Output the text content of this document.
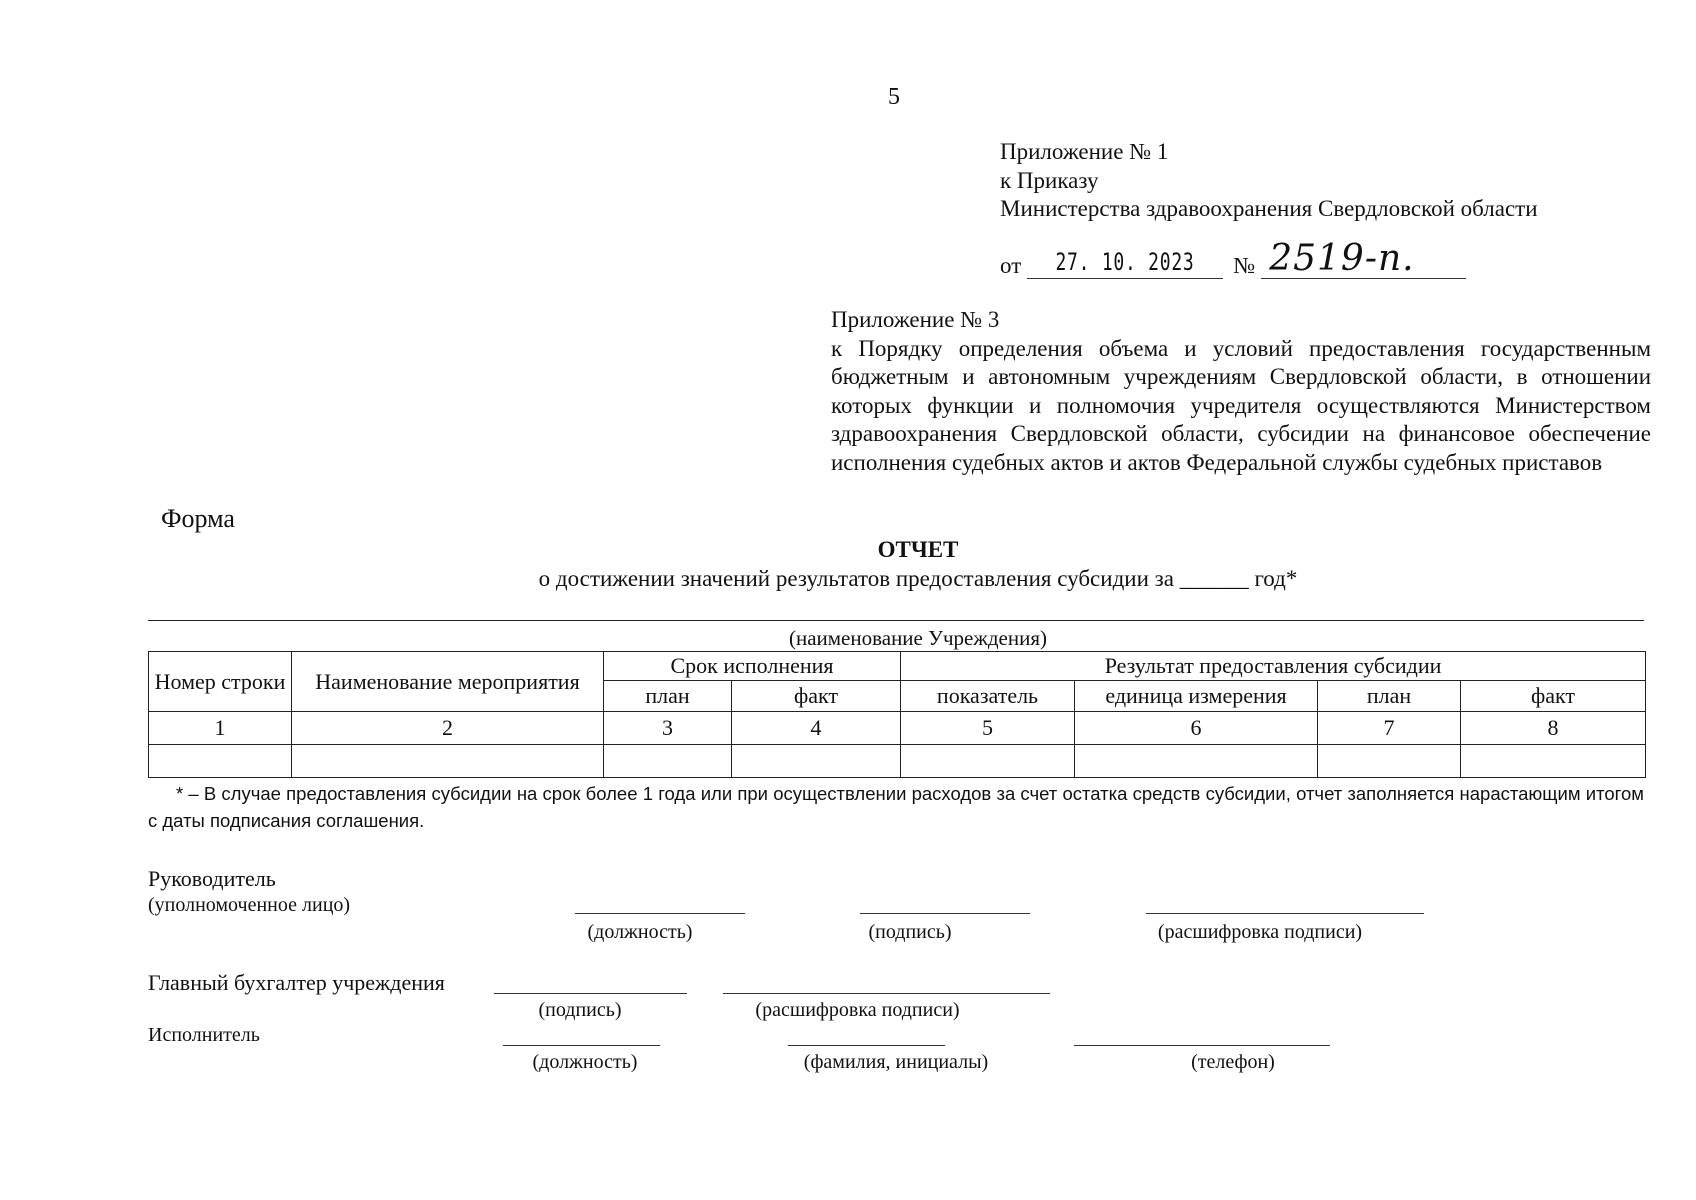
5
Приложение № 1
к Приказу
Министерства здравоохранения Свердловской области
от 27. 10. 2023 № 2519-п.
Приложение № 3
к Порядку определения объема и условий предоставления государственным бюджетным и автономным учреждениям Свердловской области, в отношении которых функции и полномочия учредителя осуществляются Министерством здравоохранения Свердловской области, субсидии на финансовое обеспечение исполнения судебных актов и актов Федеральной службы судебных приставов
Форма
ОТЧЕТ
о достижении значений результатов предоставления субсидии за ______ год*
(наименование Учреждения)
Номер строки	Наименование мероприятия	Срок исполнения		Результат предоставления субсидии			
		план	факт	показатель	единица измерения	план	факт
1	2	3	4	5	6	7	8

* – В случае предоставления субсидии на срок более 1 года или при осуществлении расходов за счет остатка средств субсидии, отчет заполняется нарастающим итогом с даты подписания соглашения.
Руководитель
(уполномоченное лицо)
(должность)	(подпись)	(расшифровка подписи)
Главный бухгалтер учреждения
(подпись)	(расшифровка подписи)
Исполнитель
(должность)	(фамилия, инициалы)	(телефон)
